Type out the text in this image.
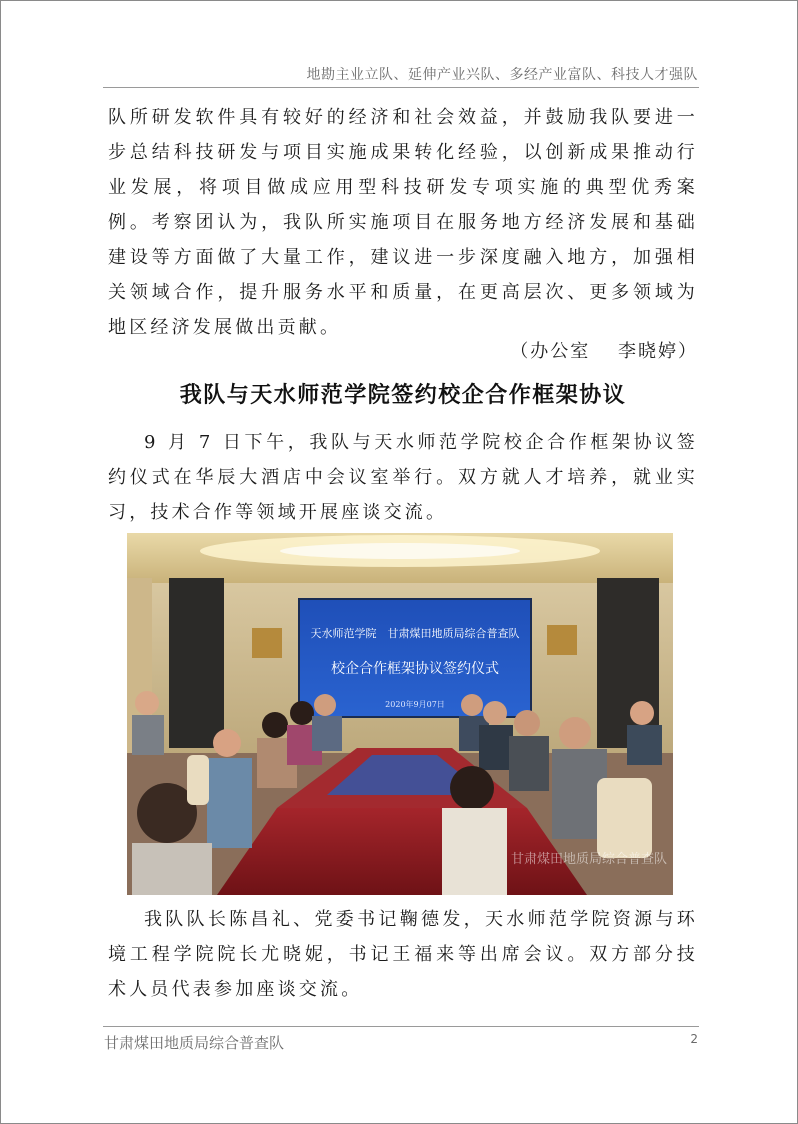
地勘主业立队、延伸产业兴队、多经产业富队、科技人才强队

队所研发软件具有较好的经济和社会效益，并鼓励我队要进一步总结科技研发与项目实施成果转化经验，以创新成果推动行业发展，将项目做成应用型科技研发专项实施的典型优秀案例。考察团认为，我队所实施项目在服务地方经济发展和基础建设等方面做了大量工作，建议进一步深度融入地方，加强相关领域合作，提升服务水平和质量，在更高层次、更多领域为地区经济发展做出贡献。

（办公室　 李晓婷）
我队与天水师范学院签约校企合作框架协议

9 月 7 日下午，我队与天水师范学院校企合作框架协议签约仪式在华辰大酒店中会议室举行。双方就人才培养，就业实习，技术合作等领域开展座谈交流。

天水师范学院　甘肃煤田地质局综合普查队
校企合作框架协议签约仪式
2020年9月07日
甘肃煤田地质局综合普查队

我队队长陈昌礼、党委书记鞠德发，天水师范学院资源与环境工程学院院长尤晓妮，书记王福来等出席会议。双方部分技术人员代表参加座谈交流。

甘肃煤田地质局综合普查队	2
